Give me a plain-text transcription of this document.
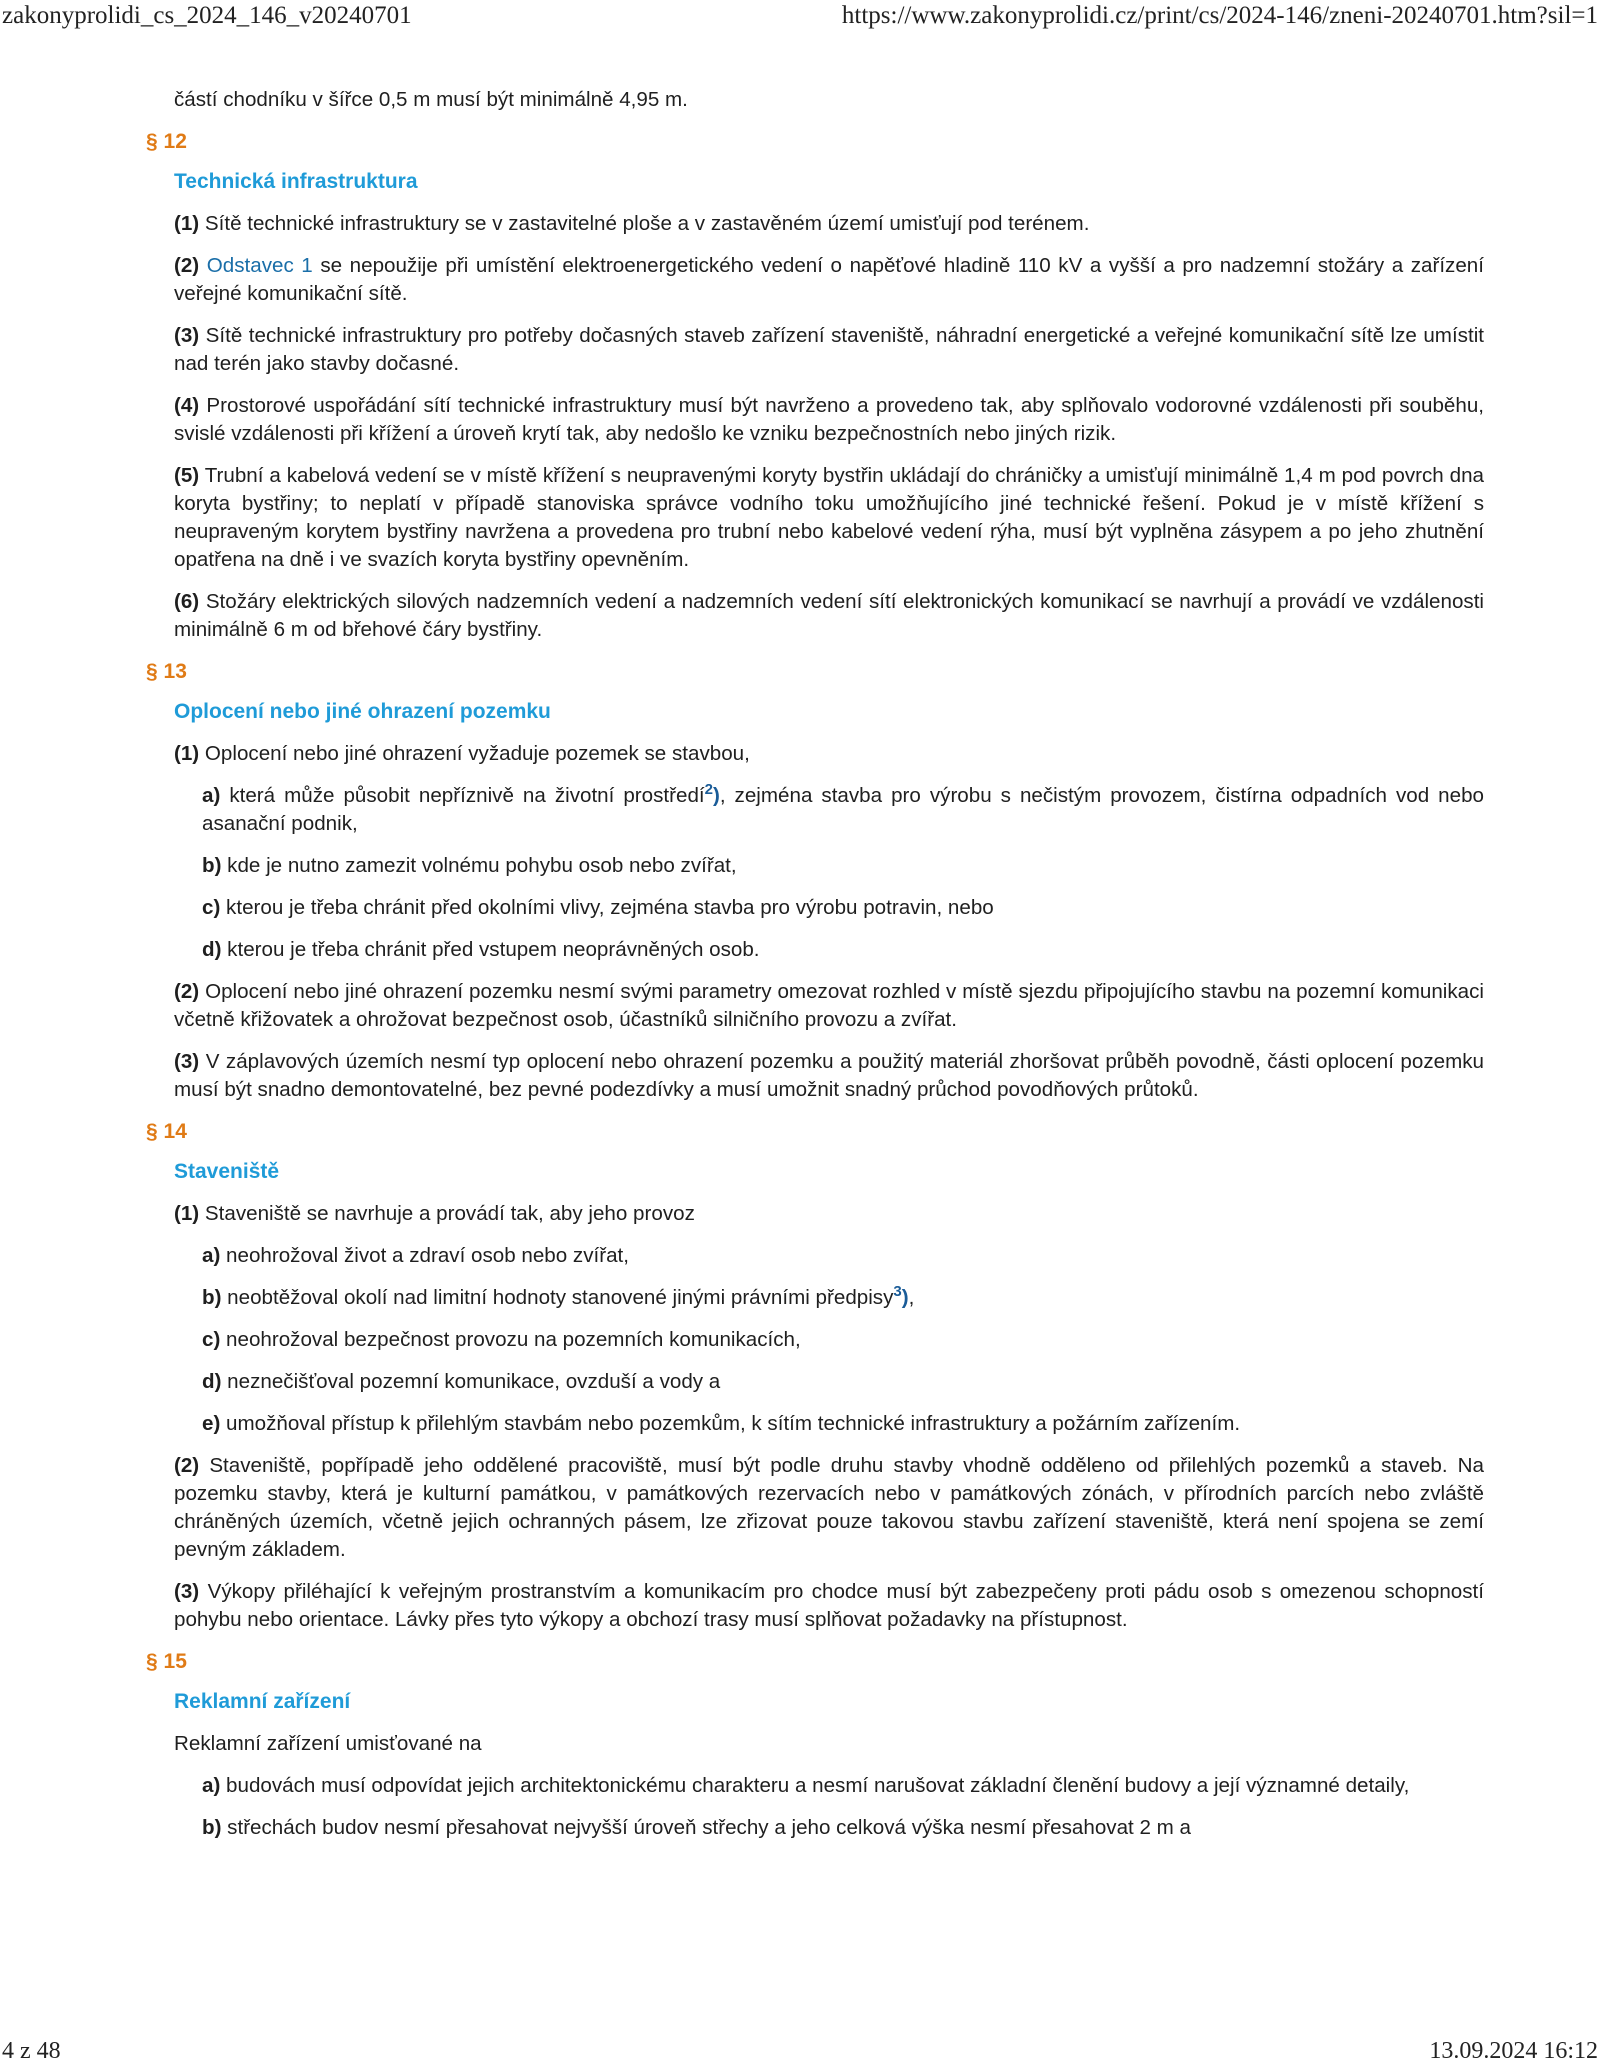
zakonyprolidi_cs_2024_146_v20240701	https://www.zakonyprolidi.cz/print/cs/2024-146/zneni-20240701.htm?sil=1
částí chodníku v šířce 0,5 m musí být minimálně 4,95 m.
§ 12
Technická infrastruktura
(1) Sítě technické infrastruktury se v zastavitelné ploše a v zastavěném území umisťují pod terénem.
(2) Odstavec 1 se nepoužije při umístění elektroenergetického vedení o napěťové hladině 110 kV a vyšší a pro nadzemní stožáry a zařízení veřejné komunikační sítě.
(3) Sítě technické infrastruktury pro potřeby dočasných staveb zařízení staveniště, náhradní energetické a veřejné komunikační sítě lze umístit nad terén jako stavby dočasné.
(4) Prostorové uspořádání sítí technické infrastruktury musí být navrženo a provedeno tak, aby splňovalo vodorovné vzdálenosti při souběhu, svislé vzdálenosti při křížení a úroveň krytí tak, aby nedošlo ke vzniku bezpečnostních nebo jiných rizik.
(5) Trubní a kabelová vedení se v místě křížení s neupravenými koryty bystřin ukládají do chráničky a umisťují minimálně 1,4 m pod povrch dna koryta bystřiny; to neplatí v případě stanoviska správce vodního toku umožňujícího jiné technické řešení. Pokud je v místě křížení s neupraveným korytem bystřiny navržena a provedena pro trubní nebo kabelové vedení rýha, musí být vyplněna zásypem a po jeho zhutnění opatřena na dně i ve svazích koryta bystřiny opevněním.
(6) Stožáry elektrických silových nadzemních vedení a nadzemních vedení sítí elektronických komunikací se navrhují a provádí ve vzdálenosti minimálně 6 m od břehové čáry bystřiny.
§ 13
Oplocení nebo jiné ohrazení pozemku
(1) Oplocení nebo jiné ohrazení vyžaduje pozemek se stavbou,
a) která může působit nepříznivě na životní prostředí$^2$), zejména stavba pro výrobu s nečistým provozem, čistírna odpadních vod nebo asanační podnik,
b) kde je nutno zamezit volnému pohybu osob nebo zvířat,
c) kterou je třeba chránit před okolními vlivy, zejména stavba pro výrobu potravin, nebo
d) kterou je třeba chránit před vstupem neoprávněných osob.
(2) Oplocení nebo jiné ohrazení pozemku nesmí svými parametry omezovat rozhled v místě sjezdu připojujícího stavbu na pozemní komunikaci včetně křižovatek a ohrožovat bezpečnost osob, účastníků silničního provozu a zvířat.
(3) V záplavových územích nesmí typ oplocení nebo ohrazení pozemku a použitý materiál zhoršovat průběh povodně, části oplocení pozemku musí být snadno demontovatelné, bez pevné podezdívky a musí umožnit snadný průchod povodňových průtoků.
§ 14
Staveniště
(1) Staveniště se navrhuje a provádí tak, aby jeho provoz
a) neohrožoval život a zdraví osob nebo zvířat,
b) neobtěžoval okolí nad limitní hodnoty stanovené jinými právními předpisy$^3$),
c) neohrožoval bezpečnost provozu na pozemních komunikacích,
d) neznečišťoval pozemní komunikace, ovzduší a vody a
e) umožňoval přístup k přilehlým stavbám nebo pozemkům, k sítím technické infrastruktury a požárním zařízením.
(2) Staveniště, popřípadě jeho oddělené pracoviště, musí být podle druhu stavby vhodně odděleno od přilehlých pozemků a staveb. Na pozemku stavby, která je kulturní památkou, v památkových rezervacích nebo v památkových zónách, v přírodních parcích nebo zvláště chráněných územích, včetně jejich ochranných pásem, lze zřizovat pouze takovou stavbu zařízení staveniště, která není spojena se zemí pevným základem.
(3) Výkopy přiléhající k veřejným prostranstvím a komunikacím pro chodce musí být zabezpečeny proti pádu osob s omezenou schopností pohybu nebo orientace. Lávky přes tyto výkopy a obchozí trasy musí splňovat požadavky na přístupnost.
§ 15
Reklamní zařízení
Reklamní zařízení umisťované na
a) budovách musí odpovídat jejich architektonickému charakteru a nesmí narušovat základní členění budovy a její významné detaily,
b) střechách budov nesmí přesahovat nejvyšší úroveň střechy a jeho celková výška nesmí přesahovat 2 m a
4 z 48	13.09.2024 16:12
